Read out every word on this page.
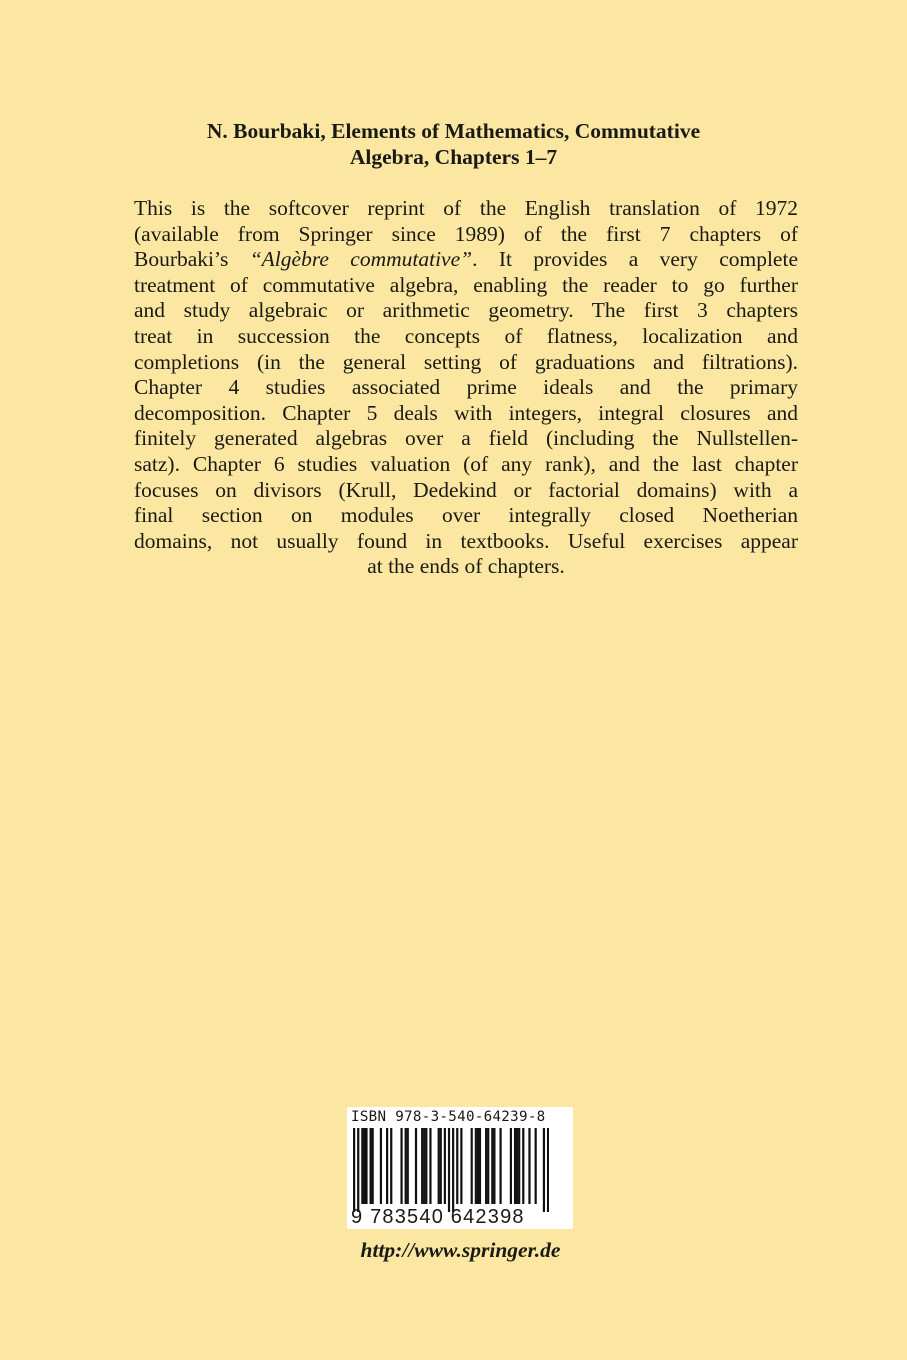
N. Bourbaki, Elements of Mathematics, Commutative
Algebra, Chapters 1–7

This is the softcover reprint of the English translation of 1972
(available from Springer since 1989) of the first 7 chapters of
Bourbaki’s “Algèbre commutative”. It provides a very complete
treatment of commutative algebra, enabling the reader to go further
and study algebraic or arithmetic geometry. The first 3 chapters
treat in succession the concepts of flatness, localization and
completions (in the general setting of graduations and filtrations).
Chapter 4 studies associated prime ideals and the primary
decomposition. Chapter 5 deals with integers, integral closures and
finitely generated algebras over a field (including the Nullstellen-
satz). Chapter 6 studies valuation (of any rank), and the last chapter
focuses on divisors (Krull, Dedekind or factorial domains) with a
final section on modules over integrally closed Noetherian
domains, not usually found in textbooks. Useful exercises appear
at the ends of chapters.

ISBN 978-3-540-64239-8
9 783540 642398
http://www.springer.de
